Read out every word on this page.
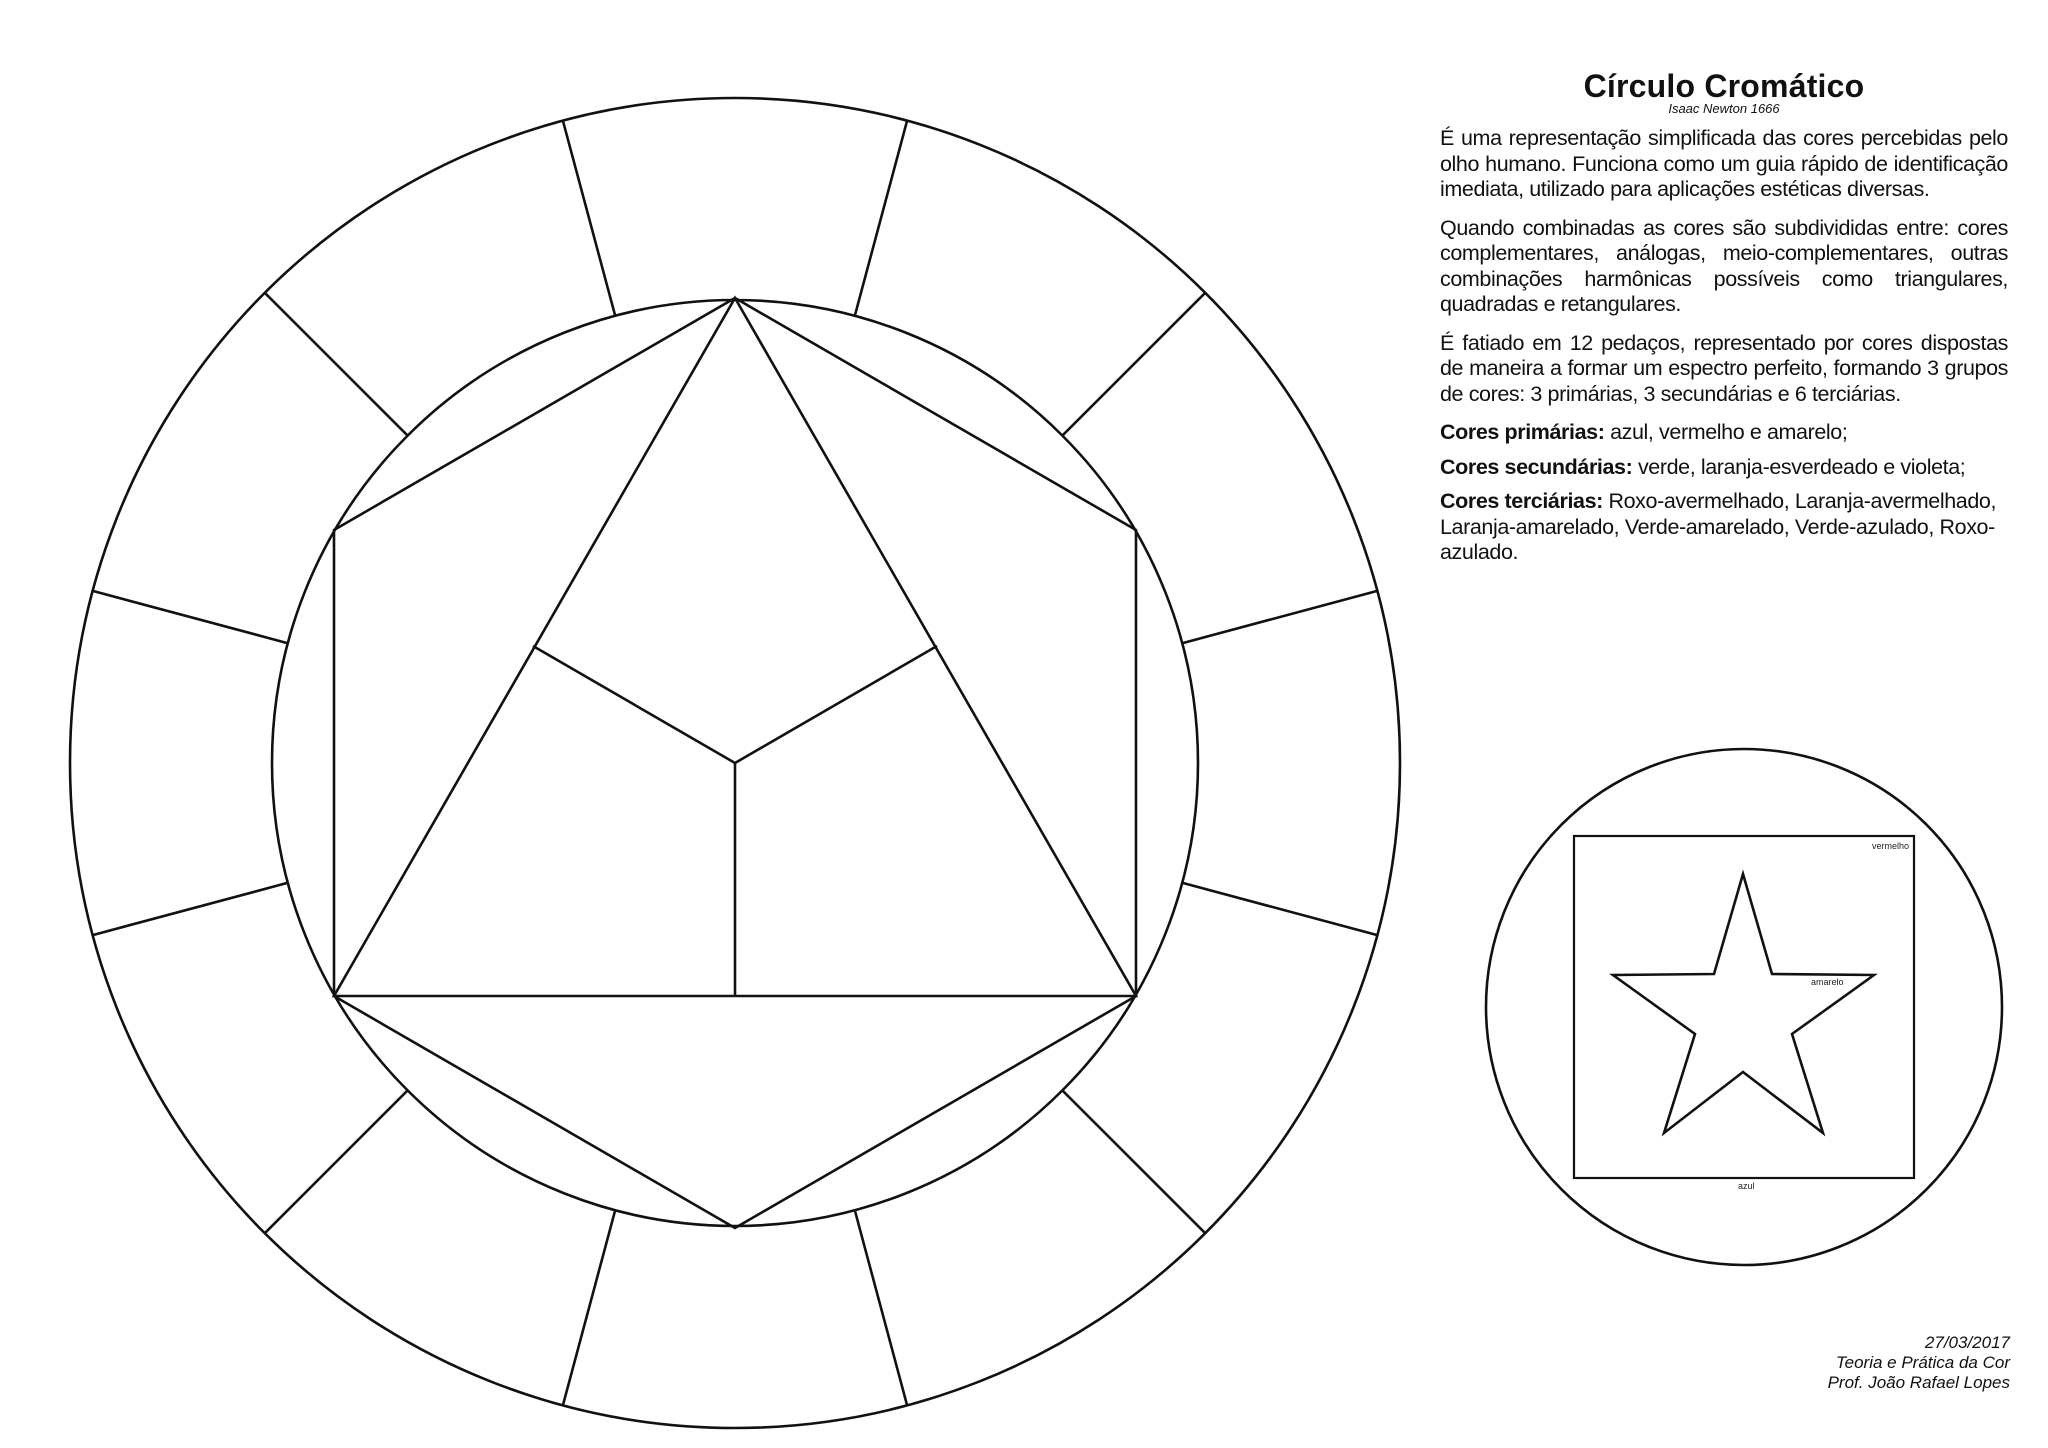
vermelho
amarelo
azul
Círculo Cromático
Isaac Newton 1666

É uma representação simplificada das cores percebidas pelo olho humano. Funciona como um guia rápido de identificação imediata, utilizado para aplicações estéticas diversas.

Quando combinadas as cores são subdivididas entre: cores complementares, análogas, meio-complementares, outras combinações harmônicas possíveis como triangulares, quadradas e retangulares.

É fatiado em 12 pedaços, representado por cores dispostas de maneira a formar um espectro perfeito, formando 3 grupos de cores: 3 primárias, 3 secundárias e 6 terciárias.

Cores primárias: azul, vermelho e amarelo;

Cores secundárias: verde, laranja-esverdeado e violeta;

Cores terciárias: Roxo-avermelhado, Laranja-avermelhado, Laranja-amarelado, Verde-amarelado, Verde-azulado, Roxo-azulado.

27/03/2017
Teoria e Prática da Cor
Prof. João Rafael Lopes
